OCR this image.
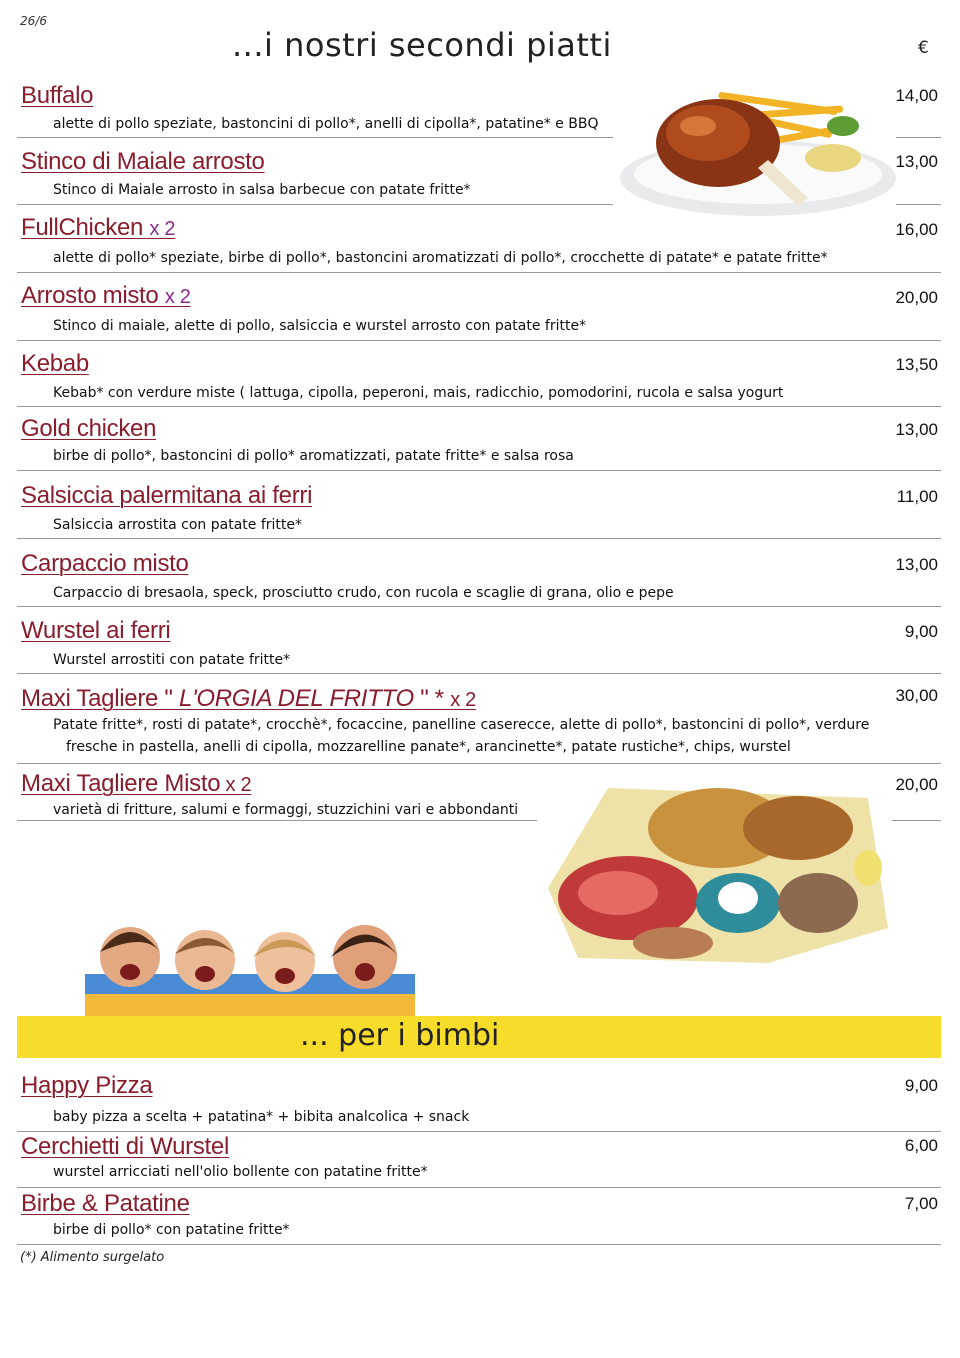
26/6
...i nostri secondi piatti	€
Buffalo
alette di pollo speziate, bastoncini di pollo*, anelli di cipolla*, patatine* e BBQ
14,00
Stinco di Maiale arrosto
Stinco di Maiale arrosto in salsa barbecue con patate fritte*
13,00
FullChicken x 2
alette di pollo* speziate, birbe di pollo*, bastoncini aromatizzati di pollo*, crocchette di patate* e patate fritte*
16,00
Arrosto misto x 2
Stinco di maiale, alette di pollo, salsiccia e wurstel arrosto con patate fritte*
20,00
Kebab
Kebab* con verdure miste ( lattuga, cipolla, peperoni, mais, radicchio, pomodorini, rucola e salsa yogurt
13,50
Gold chicken
birbe di pollo*, bastoncini di pollo* aromatizzati, patate fritte* e salsa rosa
13,00
Salsiccia palermitana ai ferri
Salsiccia arrostita con patate fritte*
11,00
Carpaccio misto
Carpaccio di bresaola, speck, prosciutto crudo, con rucola e scaglie di grana, olio e pepe
13,00
Wurstel ai ferri
Wurstel arrostiti con patate fritte*
9,00
Maxi Tagliere " L'ORGIA DEL FRITTO " * x 2
Patate fritte*, rosti di patate*, crocchè*, focaccine, panelline caserecce, alette di pollo*, bastoncini di pollo*, verdure
fresche in pastella, anelli di cipolla, mozzarelline panate*, arancinette*, patate rustiche*, chips, wurstel
30,00
Maxi Tagliere Misto x 2
varietà di fritture, salumi e formaggi, stuzzichini vari e abbondanti
20,00
... per i bimbi
Happy Pizza
baby pizza a scelta + patatina* + bibita analcolica + snack
9,00
Cerchietti di Wurstel
wurstel arricciati nell'olio bollente con patatine fritte*
6,00
Birbe & Patatine
birbe di pollo* con patatine fritte*
7,00
(*) Alimento surgelato
